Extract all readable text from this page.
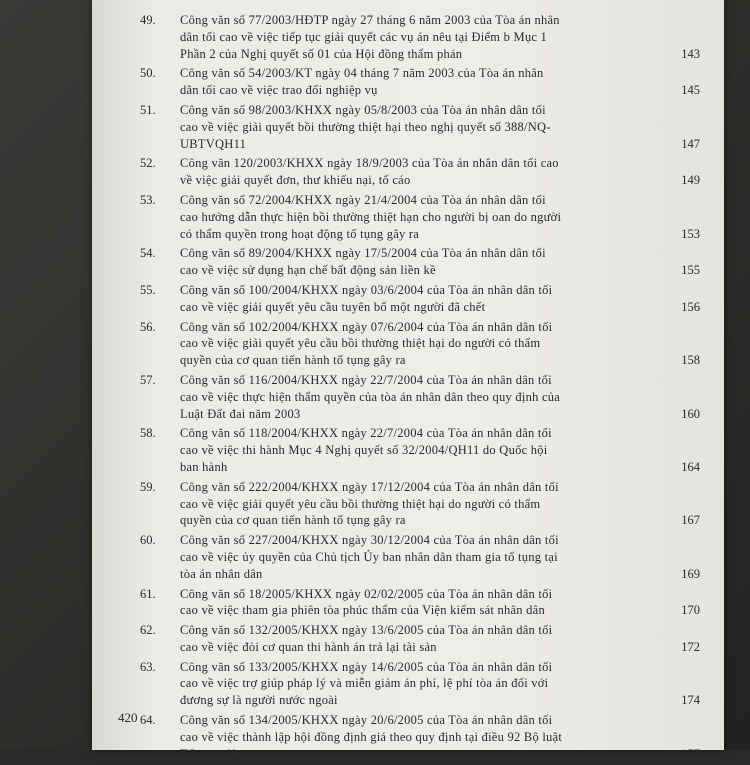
49.	Công văn số 77/2003/HĐTP ngày 27 tháng 6 năm 2003 của Tòa án nhân dân tối cao về việc tiếp tục giải quyết các vụ án nêu tại Điểm b Mục 1 Phần 2 của Nghị quyết số 01 của Hội đồng thẩm phán	143
50.	Công văn số 54/2003/KT ngày 04 tháng 7 năm 2003 của Tòa án nhân dân tối cao về việc trao đổi nghiệp vụ	145
51.	Công văn số 98/2003/KHXX ngày 05/8/2003 của Tòa án nhân dân tối cao về việc giải quyết bồi thường thiệt hại theo nghị quyết số 388/NQ-UBTVQH11	147
52.	Công văn 120/2003/KHXX ngày 18/9/2003 của Tòa án nhân dân tối cao về việc giải quyết đơn, thư khiếu nại, tố cáo	149
53.	Công văn số 72/2004/KHXX ngày 21/4/2004 của Tòa án nhân dân tối cao hướng dẫn thực hiện bồi thường thiệt hạn cho người bị oan do người có thẩm quyền trong hoạt động tố tụng gây ra	153
54.	Công văn số 89/2004/KHXX ngày 17/5/2004 của Tòa án nhân dân tối cao về việc sử dụng hạn chế bất động sản liền kề	155
55.	Công văn số 100/2004/KHXX ngày 03/6/2004 của Tòa án nhân dân tối cao về việc giải quyết yêu cầu tuyên bố một người đã chết	156
56.	Công văn số 102/2004/KHXX ngày 07/6/2004 của Tòa án nhân dân tối cao về việc giải quyết yêu cầu bồi thường thiệt hại do người có thẩm quyền của cơ quan tiến hành tố tụng gây ra	158
57.	Công văn số 116/2004/KHXX ngày 22/7/2004 của Tòa án nhân dân tối cao về việc thực hiện thẩm quyền của tòa án nhân dân theo quy định của Luật Đất đai năm 2003	160
58.	Công văn số 118/2004/KHXX ngày 22/7/2004 của Tòa án nhân dân tối cao về việc thi hành Mục 4 Nghị quyết số 32/2004/QH11 do Quốc hội ban hành	164
59.	Công văn số 222/2004/KHXX ngày 17/12/2004 của Tòa án nhân dân tối cao về việc giải quyết yêu cầu bồi thường thiệt hại do người có thẩm quyền của cơ quan tiến hành tố tụng gây ra	167
60.	Công văn số 227/2004/KHXX ngày 30/12/2004 của Tòa án nhân dân tối cao về việc ủy quyền của Chủ tịch Ủy ban nhân dân tham gia tố tụng tại tòa án nhân dân	169
61.	Công văn số 18/2005/KHXX ngày 02/02/2005 của Tòa án nhân dân tối cao về việc tham gia phiên tòa phúc thẩm của Viện kiểm sát nhân dân	170
62.	Công văn số 132/2005/KHXX ngày 13/6/2005 của Tòa án nhân dân tối cao về việc đòi cơ quan thi hành án trả lại tài sản	172
63.	Công văn số 133/2005/KHXX ngày 14/6/2005 của Tòa án nhân dân tối cao về việc trợ giúp pháp lý và miễn giảm án phí, lệ phí tòa án đối với đương sự là người nước ngoài	174
64.	Công văn số 134/2005/KHXX ngày 20/6/2005 của Tòa án nhân dân tối cao về việc thành lập hội đồng định giá theo quy định tại điều 92 Bộ luật Tố tụng dân sự	177
420
